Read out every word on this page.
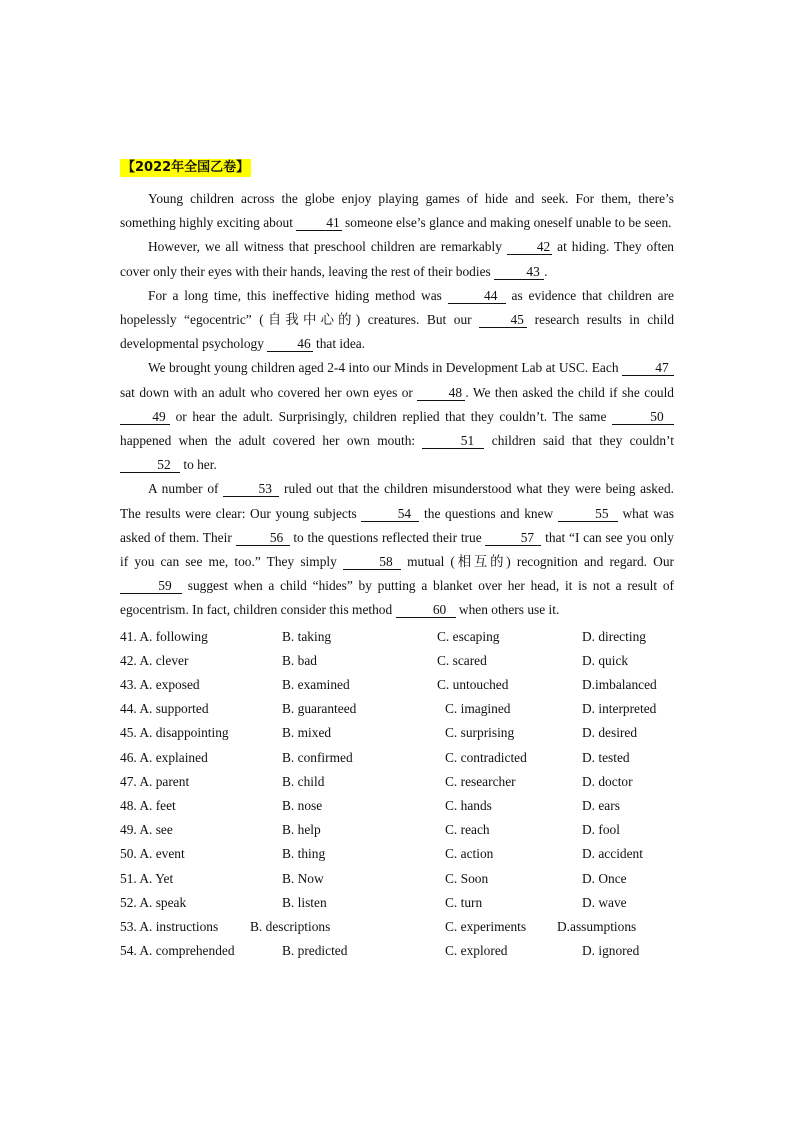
【2022年全国乙卷】

Young children across the globe enjoy playing games of hide and seek. For them, there’s something highly exciting about 41 someone else’s glance and making oneself unable to be seen.

However, we all witness that preschool children are remarkably 42 at hiding. They often cover only their eyes with their hands, leaving the rest of their bodies 43 .

For a long time, this ineffective hiding method was	44 as evidence that children are hopelessly “egocentric” (自我中心的) creatures. But our 45 research results in child developmental psychology 46 that idea.

We brought young children aged 2-4 into our Minds in Development Lab at USC. Each 47 sat down with an adult who covered her own eyes or 48 . We then asked the child if she could 49 or hear the adult. Surprisingly, children replied that they couldn’t. The same	50 happened when the adult covered her own mouth:	51 children said that they couldn’t 52 to her.

A number of	53 ruled out that the children misunderstood what they were being asked. The results were clear: Our young subjects	54 the questions and knew	55 what was asked of them. Their	56 to the questions reflected their true	57 that “I can see you only if you can see me, too.” They simply	58 mutual (相互的) recognition and regard. Our 59 suggest when a child “hides” by putting a blanket over her head, it is not a result of egocentrism. In fact, children consider this method	60 when others use it.

41. A. following	B. taking	C. escaping	D. directing
42. A. clever	B. bad	C. scared	D. quick
43. A. exposed	B. examined	C. untouched	D.imbalanced
44. A. supported	B. guaranteed	C. imagined	D. interpreted
45. A. disappointing	B. mixed	C. surprising	D. desired
46. A. explained	B. confirmed	C. contradicted	D. tested
47. A. parent	B. child	C. researcher	D. doctor
48. A. feet	B. nose	C. hands	D. ears
49. A. see	B. help	C. reach	D. fool
50. A. event	B. thing	C. action	D. accident
51. A. Yet	B. Now	C. Soon	D. Once
52. A. speak	B. listen	C. turn	D. wave
53. A. instructions B. descriptions	C. experiments D.assumptions
54. A. comprehended	B. predicted	C. explored	D. ignored
